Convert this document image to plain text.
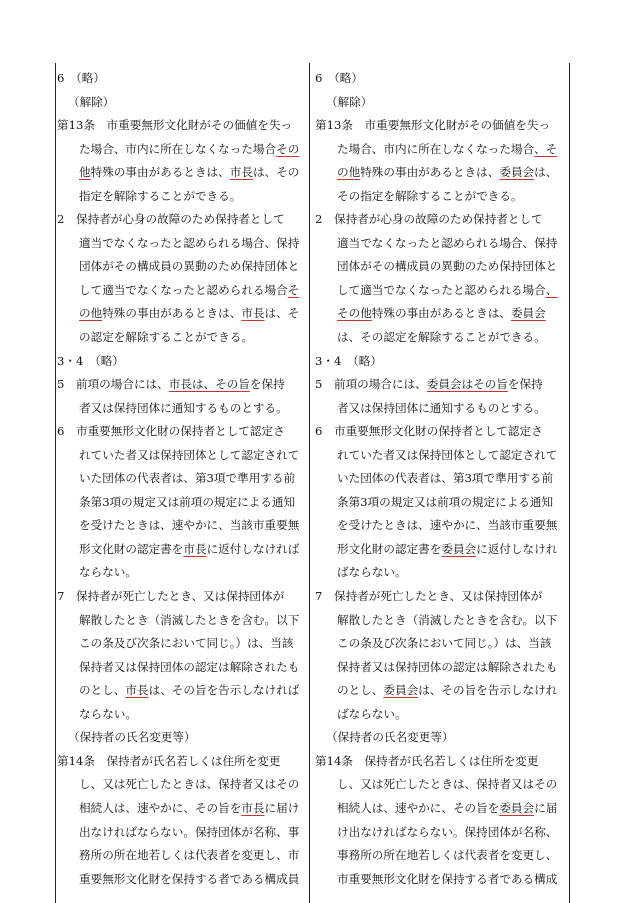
6　（略）
（解除）
第13条　市重要無形文化財がその価値を失っ
た場合、市内に所在しなくなった場合その
他特殊の事由があるときは、市長は、その
指定を解除することができる。
2　保持者が心身の故障のため保持者として
適当でなくなったと認められる場合、保持
団体がその構成員の異動のため保持団体と
して適当でなくなったと認められる場合そ
の他特殊の事由があるときは、市長は、そ
の認定を解除することができる。
3・4　（略）
5　前項の場合には、市長は、その旨を保持
者又は保持団体に通知するものとする。
6　市重要無形文化財の保持者として認定さ
れていた者又は保持団体として認定されて
いた団体の代表者は、第3項で準用する前
条第3項の規定又は前項の規定による通知
を受けたときは、速やかに、当該市重要無
形文化財の認定書を市長に返付しなければ
ならない。
7　保持者が死亡したとき、又は保持団体が
解散したとき（消滅したときを含む。以下
この条及び次条において同じ。）は、当該
保持者又は保持団体の認定は解除されたも
のとし、市長は、その旨を告示しなければ
ならない。
（保持者の氏名変更等）
第14条　保持者が氏名若しくは住所を変更
し、又は死亡したときは、保持者又はその
相続人は、速やかに、その旨を市長に届け
出なければならない。保持団体が名称、事
務所の所在地若しくは代表者を変更し、市
重要無形文化財を保持する者である構成員
6　（略）
（解除）
第13条　市重要無形文化財がその価値を失っ
た場合、市内に所在しなくなった場合、そ
の他特殊の事由があるときは、委員会は、
その指定を解除することができる。
2　保持者が心身の故障のため保持者として
適当でなくなったと認められる場合、保持
団体がその構成員の異動のため保持団体と
して適当でなくなったと認められる場合、
その他特殊の事由があるときは、委員会
は、その認定を解除することができる。
3・4　（略）
5　前項の場合には、委員会はその旨を保持
者又は保持団体に通知するものとする。
6　市重要無形文化財の保持者として認定さ
れていた者又は保持団体として認定されて
いた団体の代表者は、第3項で準用する前
条第3項の規定又は前項の規定による通知
を受けたときは、速やかに、当該市重要無
形文化財の認定書を委員会に返付しなけれ
ばならない。
7　保持者が死亡したとき、又は保持団体が
解散したとき（消滅したときを含む。以下
この条及び次条において同じ。）は、当該
保持者又は保持団体の認定は解除されたも
のとし、委員会は、その旨を告示しなけれ
ばならない。
（保持者の氏名変更等）
第14条　保持者が氏名若しくは住所を変更
し、又は死亡したときは、保持者又はその
相続人は、速やかに、その旨を委員会に届
け出なければならない。保持団体が名称、
事務所の所在地若しくは代表者を変更し、
市重要無形文化財を保持する者である構成
